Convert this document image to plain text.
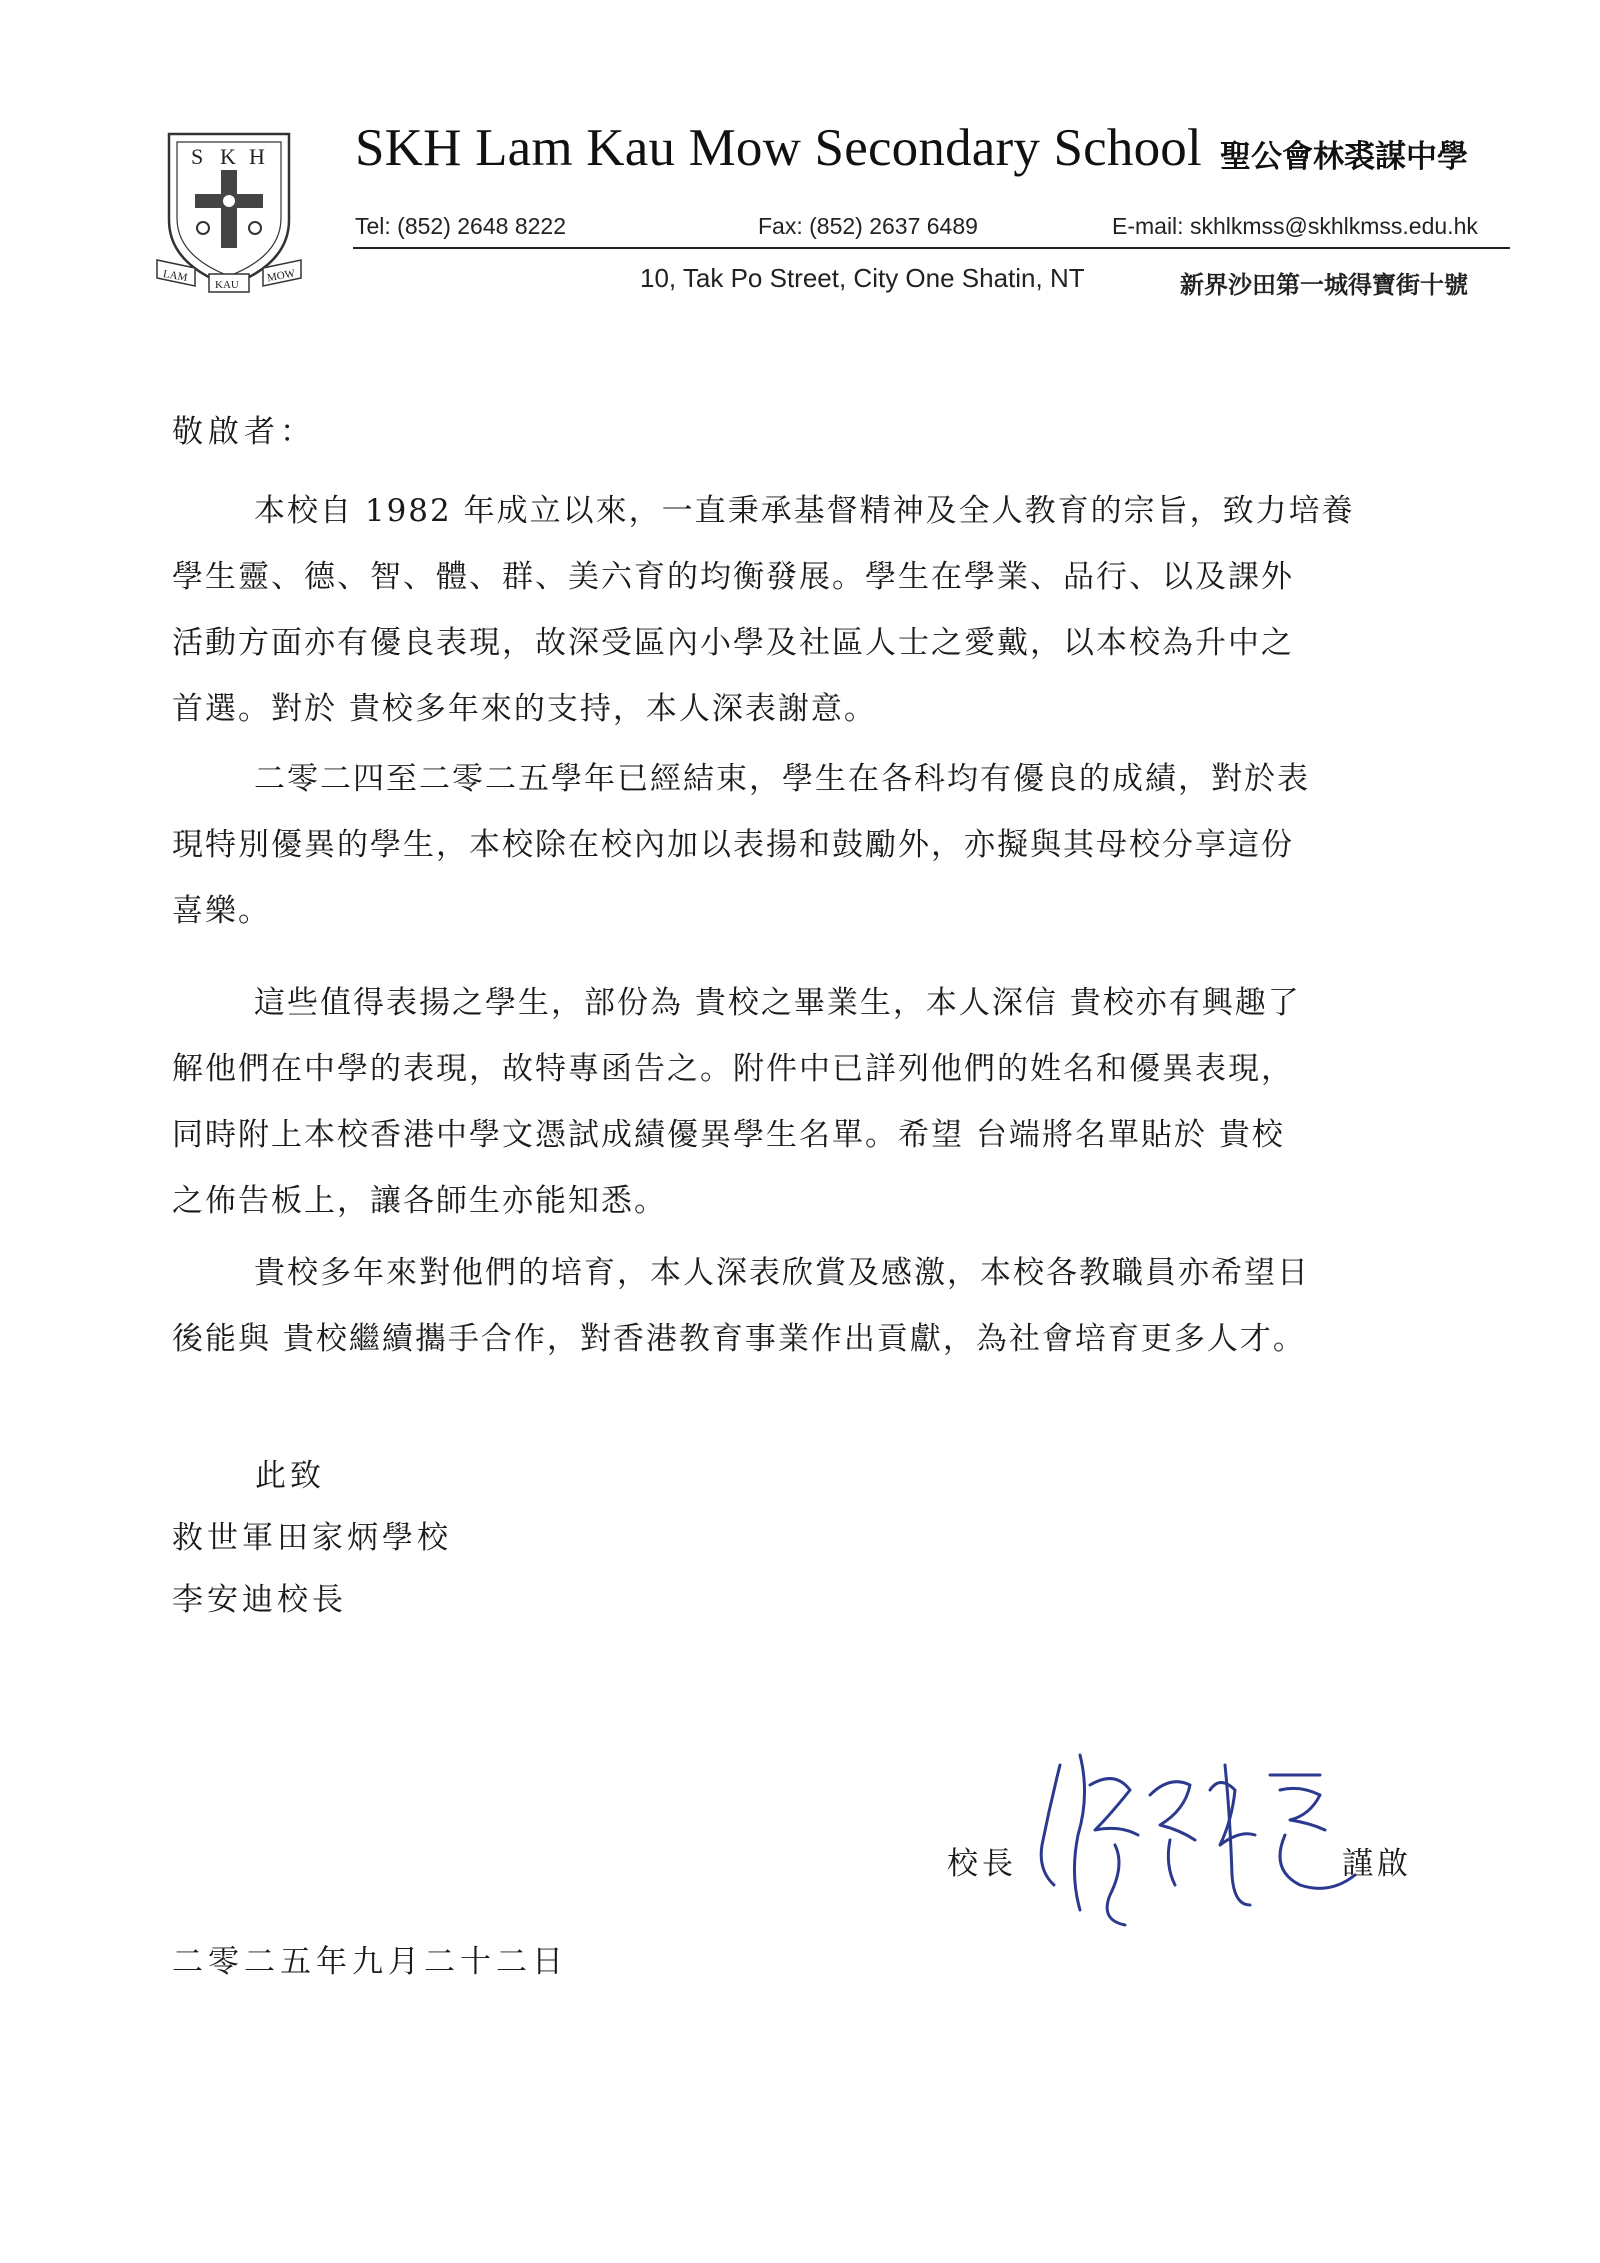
S K H
LAM
KAU
MOW
SKH Lam Kau Mow Secondary School 聖公會林裘謀中學
Tel: (852) 2648 8222	Fax: (852) 2637 6489	E-mail: skhlkmss@skhlkmss.edu.hk
10, Tak Po Street, City One Shatin, NT	新界沙田第一城得寶街十號
敬啟者：

本校自 1982 年成立以來，一直秉承基督精神及全人教育的宗旨，致力培養
學生靈、德、智、體、群、美六育的均衡發展。學生在學業、品行、以及課外
活動方面亦有優良表現，故深受區內小學及社區人士之愛戴，以本校為升中之
首選。對於 貴校多年來的支持，本人深表謝意。

二零二四至二零二五學年已經結束，學生在各科均有優良的成績，對於表
現特別優異的學生，本校除在校內加以表揚和鼓勵外，亦擬與其母校分享這份
喜樂。

這些值得表揚之學生，部份為 貴校之畢業生，本人深信 貴校亦有興趣了
解他們在中學的表現，故特專函告之。附件中已詳列他們的姓名和優異表現，
同時附上本校香港中學文憑試成績優異學生名單。希望 台端將名單貼於 貴校
之佈告板上，讓各師生亦能知悉。

貴校多年來對他們的培育，本人深表欣賞及感激，本校各教職員亦希望日
後能與 貴校繼續攜手合作，對香港教育事業作出貢獻，為社會培育更多人才。

此致
救世軍田家炳學校
李安迪校長
校長	謹啟
二零二五年九月二十二日
